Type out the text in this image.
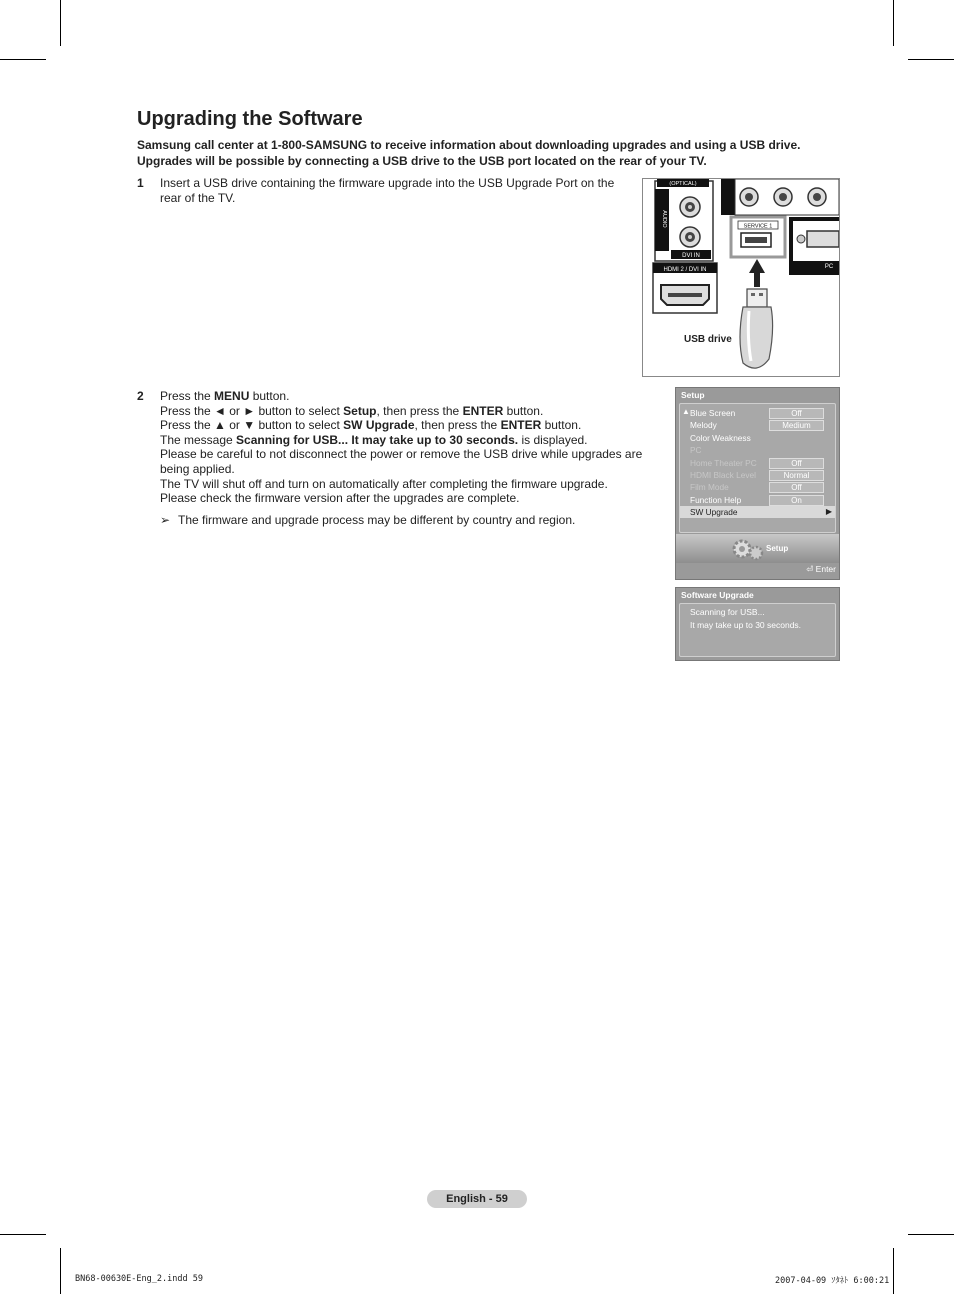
Upgrading the Software
Samsung call center at 1-800-SAMSUNG to receive information about downloading upgrades and using a USB drive. Upgrades will be possible by connecting a USB drive to the USB port located on the rear of your TV.
1 Insert a USB drive containing the firmware upgrade into the USB Upgrade Port on the rear of the TV.
(OPTICAL)
AUDIO
DVI IN
HDMI 2 / DVI IN
SERVICE 1
PC
USB drive
2 Press the MENU button.
Press the ◄ or ► button to select Setup, then press the ENTER button.
Press the ▲ or ▼ button to select SW Upgrade, then press the ENTER button.
The message Scanning for USB... It may take up to 30 seconds. is displayed.
Please be careful to not disconnect the power or remove the USB drive while upgrades are being applied.
The TV will shut off and turn on automatically after completing the firmware upgrade.
Please check the firmware version after the upgrades are complete.
➢ The firmware and upgrade process may be different by country and region.
Setup
▲ Blue Screen	Off
Melody	Medium
Color Weakness
PC
Home Theater PC	Off
HDMI Black Level	Normal
Film Mode	Off
Function Help	On
SW Upgrade	▶
Setup
⏎ Enter
Software Upgrade
Scanning for USB...
It may take up to 30 seconds.
English - 59
BN68-00630E-Eng_2.indd 59	2007-04-09 ｿﾀﾈﾄ 6:00:21
